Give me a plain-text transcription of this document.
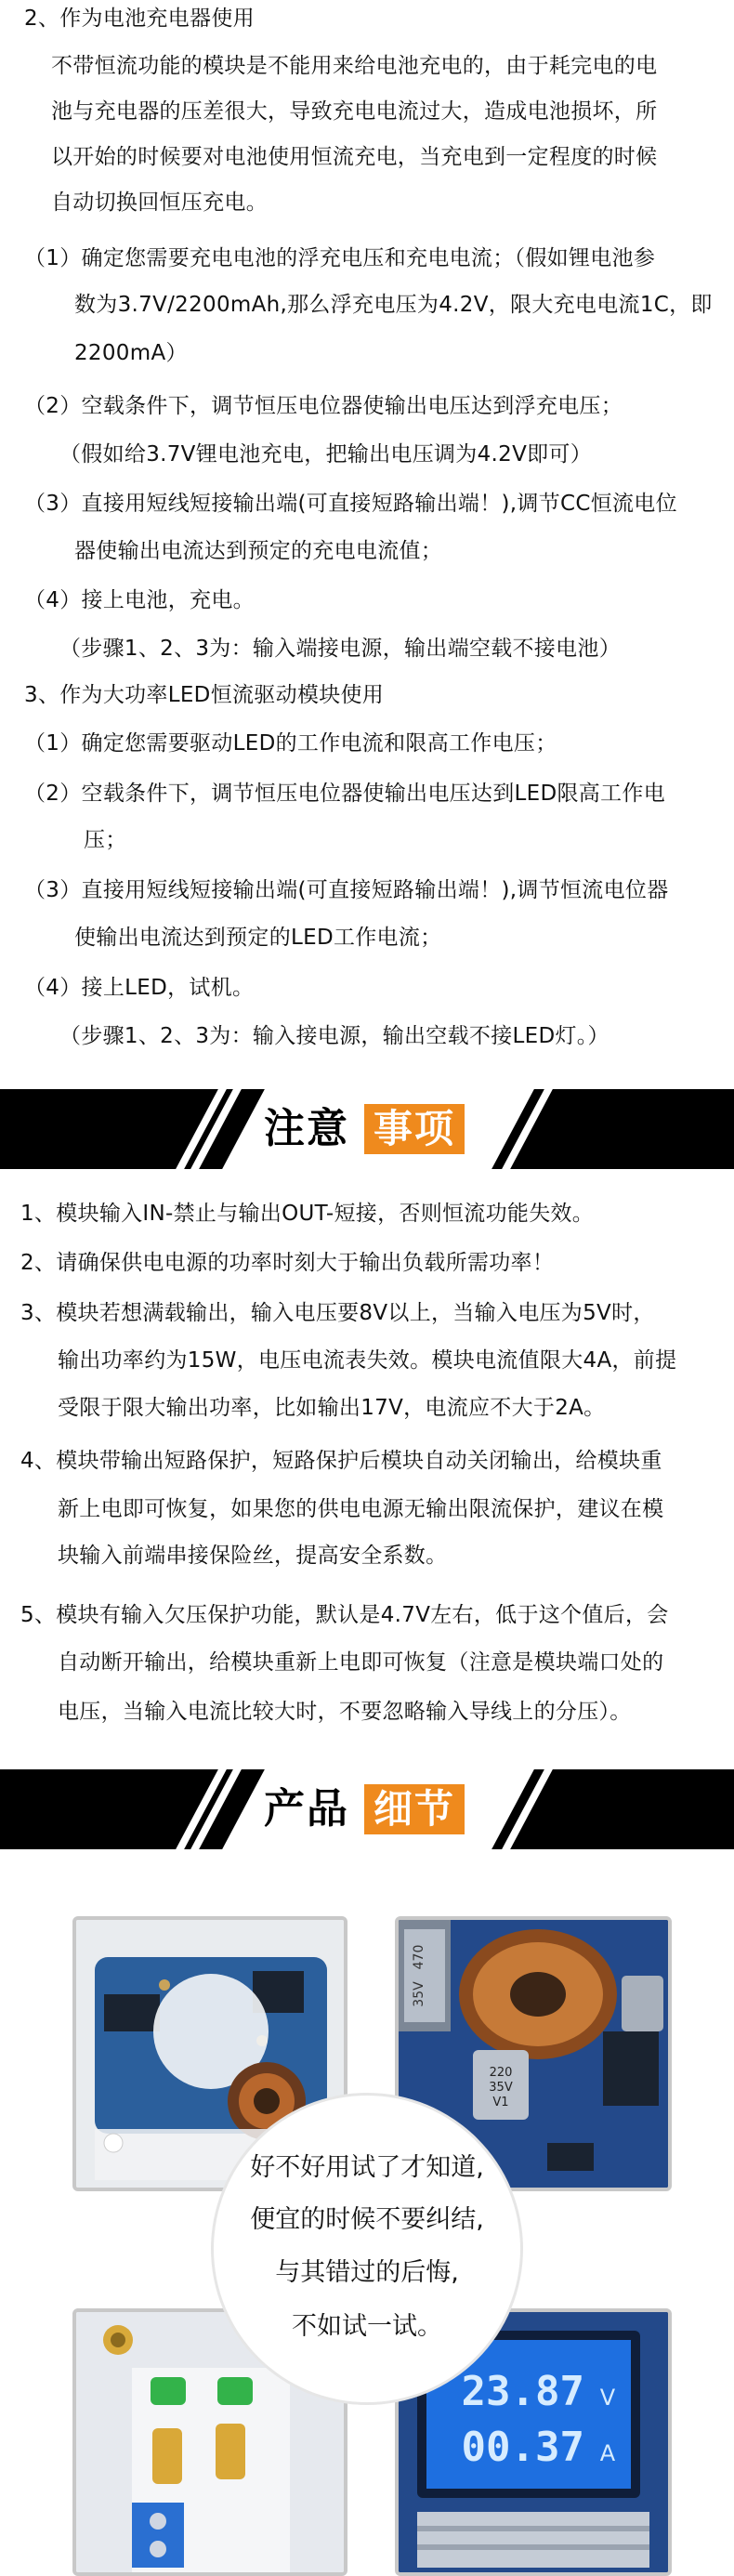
2、作为电池充电器使用

不带恒流功能的模块是不能用来给电池充电的，由于耗完电的电

池与充电器的压差很大，导致充电电流过大，造成电池损坏，所

以开始的时候要对电池使用恒流充电，当充电到一定程度的时候

自动切换回恒压充电。

（1）确定您需要充电电池的浮充电压和充电电流；（假如锂电池参

数为3.7V/2200mAh,那么浮充电压为4.2V，限大充电电流1C，即

2200mA）

（2）空载条件下，调节恒压电位器使输出电压达到浮充电压；

（假如给3.7V锂电池充电，把输出电压调为4.2V即可）

（3）直接用短线短接输出端(可直接短路输出端！),调节CC恒流电位

器使输出电流达到预定的充电电流值；

（4）接上电池，充电。

（步骤1、2、3为：输入端接电源，输出端空载不接电池）

3、作为大功率LED恒流驱动模块使用

（1）确定您需要驱动LED的工作电流和限高工作电压；

（2）空载条件下，调节恒压电位器使输出电压达到LED限高工作电

压；

（3）直接用短线短接输出端(可直接短路输出端！),调节恒流电位器

使输出电流达到预定的LED工作电流；

（4）接上LED，试机。

（步骤1、2、3为：输入接电源，输出空载不接LED灯。）

注意 事项

1、模块输入IN-禁止与输出OUT-短接，否则恒流功能失效。

2、请确保供电电源的功率时刻大于输出负载所需功率！

3、模块若想满载输出，输入电压要8V以上，当输入电压为5V时，

输出功率约为15W，电压电流表失效。模块电流值限大4A，前提

受限于限大输出功率，比如输出17V，电流应不大于2A。

4、模块带输出短路保护，短路保护后模块自动关闭输出，给模块重

新上电即可恢复，如果您的供电电源无输出限流保护，建议在模

块输入前端串接保险丝，提高安全系数。

5、模块有输入欠压保护功能，默认是4.7V左右，低于这个值后，会

自动断开输出，给模块重新上电即可恢复（注意是模块端口处的

电压，当输入电流比较大时，不要忽略输入导线上的分压）。

产品 细节
470
35V
220
35V
V1
23.87 V
00.37 A
好不好用试了才知道,
便宜的时候不要纠结,
与其错过的后悔,
不如试一试。
